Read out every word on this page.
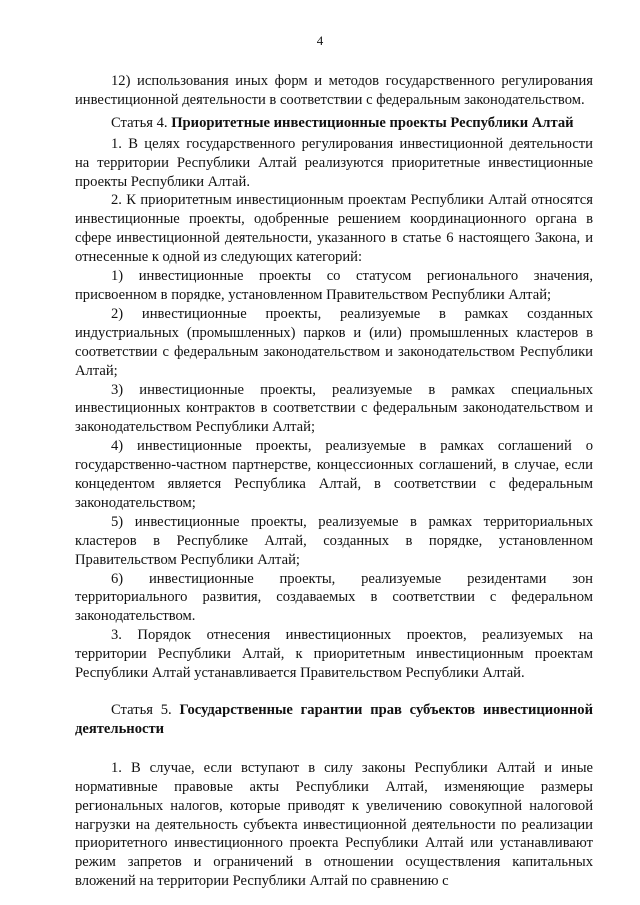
4

12) использования иных форм и методов государственного регулирования инвестиционной деятельности в соответствии с федеральным законодательством.

Статья 4. Приоритетные инвестиционные проекты Республики Алтай

1. В целях государственного регулирования инвестиционной деятельности на территории Республики Алтай реализуются приоритетные инвестиционные проекты Республики Алтай.

2. К приоритетным инвестиционным проектам Республики Алтай относятся инвестиционные проекты, одобренные решением координационного органа в сфере инвестиционной деятельности, указанного в статье 6 настоящего Закона, и отнесенные к одной из следующих категорий:

1) инвестиционные проекты со статусом регионального значения, присвоенном в порядке, установленном Правительством Республики Алтай;

2) инвестиционные проекты, реализуемые в рамках созданных индустриальных (промышленных) парков и (или) промышленных кластеров в соответствии с федеральным законодательством и законодательством Республики Алтай;

3) инвестиционные проекты, реализуемые в рамках специальных инвестиционных контрактов в соответствии с федеральным законодательством и законодательством Республики Алтай;

4) инвестиционные проекты, реализуемые в рамках соглашений о государственно-частном партнерстве, концессионных соглашений, в случае, если концедентом является Республика Алтай, в соответствии с федеральным законодательством;

5) инвестиционные проекты, реализуемые в рамках территориальных кластеров в Республике Алтай, созданных в порядке, установленном Правительством Республики Алтай;

6) инвестиционные проекты, реализуемые резидентами зон территориального развития, создаваемых в соответствии с федеральном законодательством.

3. Порядок отнесения инвестиционных проектов, реализуемых на территории Республики Алтай, к приоритетным инвестиционным проектам Республики Алтай устанавливается Правительством Республики Алтай.

Статья 5. Государственные гарантии прав субъектов инвестиционной деятельности

1. В случае, если вступают в силу законы Республики Алтай и иные нормативные правовые акты Республики Алтай, изменяющие размеры региональных налогов, которые приводят к увеличению совокупной налоговой нагрузки на деятельность субъекта инвестиционной деятельности по реализации приоритетного инвестиционного проекта Республики Алтай или устанавливают режим запретов и ограничений в отношении осуществления капитальных вложений на территории Республики Алтай по сравнению с
